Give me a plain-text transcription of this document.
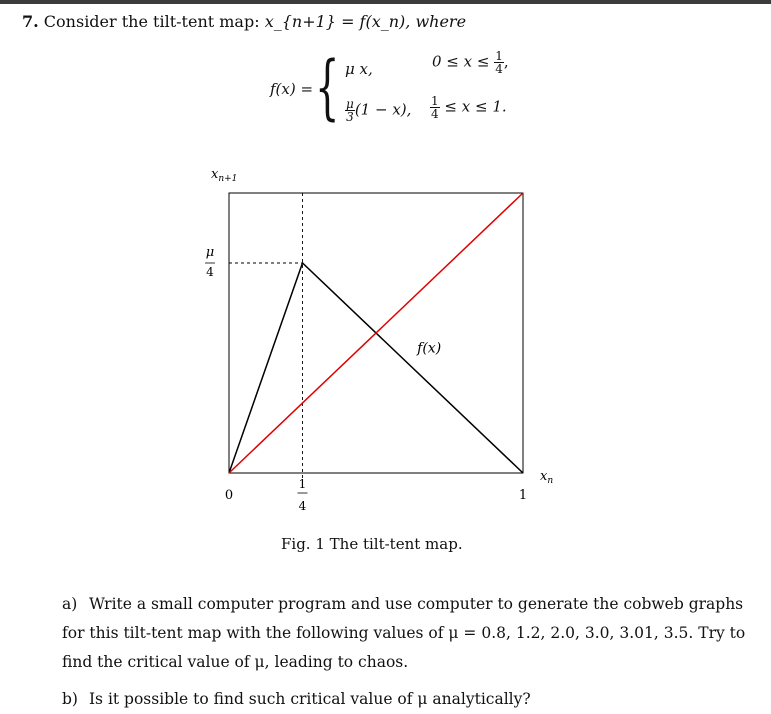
7. Consider the tilt-tent map: x_{n+1} = f(x_n), where
f(x) = { μ x,	$0 \le x \le \frac{1}{4}$ ,
$\frac{\mu}{3} (1 - x)$, $\frac{1}{4} \le x \le 1$.
0
1
4
1
μ
4
$x_n$
$x_{n+1}$
f(x)
Fig. 1 The tilt-tent map.
a) Write a small computer program and use computer to generate the cobweb graphs for this tilt-tent map with the following values of μ = 0.8, 1.2, 2.0, 3.0, 3.01, 3.5. Try to find the critical value of μ, leading to chaos.
b) Is it possible to find such critical value of μ analytically?
